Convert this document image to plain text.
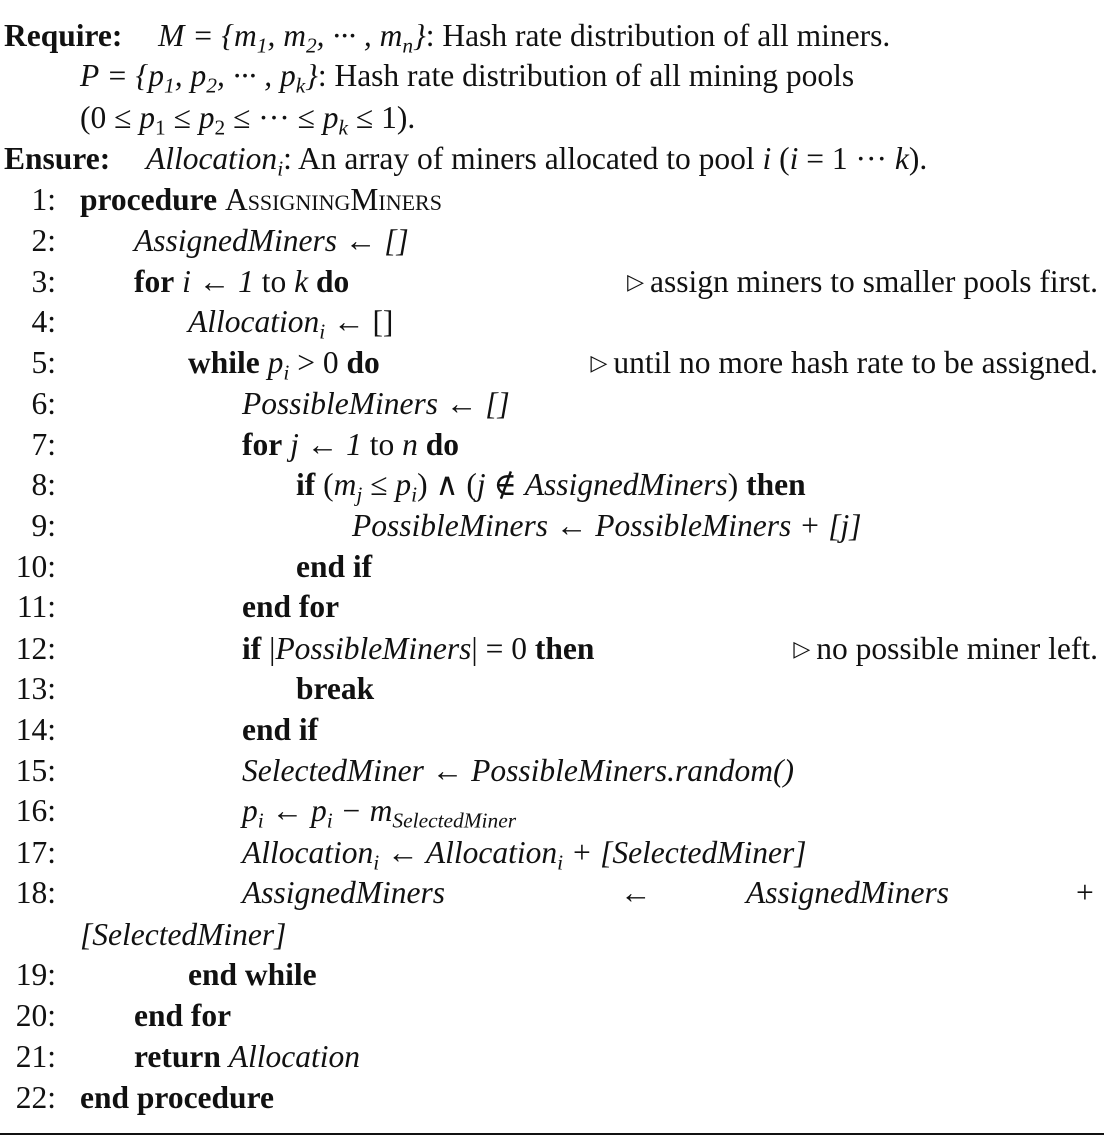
Require: $M = \{m_1$, $m_2$, ··· , $m_n$}: Hash rate distribution of all miners.
$P = \{p_1$, $p_2$, ··· , $p_k$}: Hash rate distribution of all mining pools
($0 \le p_1 \le p_2$ ≤ ··· ≤ $p_k \le 1$).
Ensure: Allocation$_i$: An array of miners allocated to pool i (i = 1 ··· k).
1: procedure AssigningMiners
2: AssignedMiners ← []
3: for i ← 1 to k do	▷ assign miners to smaller pools first.
4:	Allocation$_i$ ← []
5:	while $p_i > 0$ do	▷ until no more hash rate to be assigned.
6:	PossibleMiners ← []
7:	for j ← 1 to n do
8:	if $(m_j \le p_i)$ ∧ (j ∉ AssignedMiners) then
9:	PossibleMiners ← PossibleMiners + [j]
10:	end if
11:	end for
12:	if |PossibleMiners| = 0 then	▷ no possible miner left.
13:	break
14:	end if
15:	SelectedMiner ← PossibleMiners.random()
16:	$p_i$ ← $p_i - m_{SelectedMiner}$
17:	Allocation$_i$ ← Allocation$_i$ + [SelectedMiner]
18:	AssignedMiners	←	AssignedMiners	+
[SelectedMiner]
19:	end while
20: end for
21: return Allocation
22: end procedure
